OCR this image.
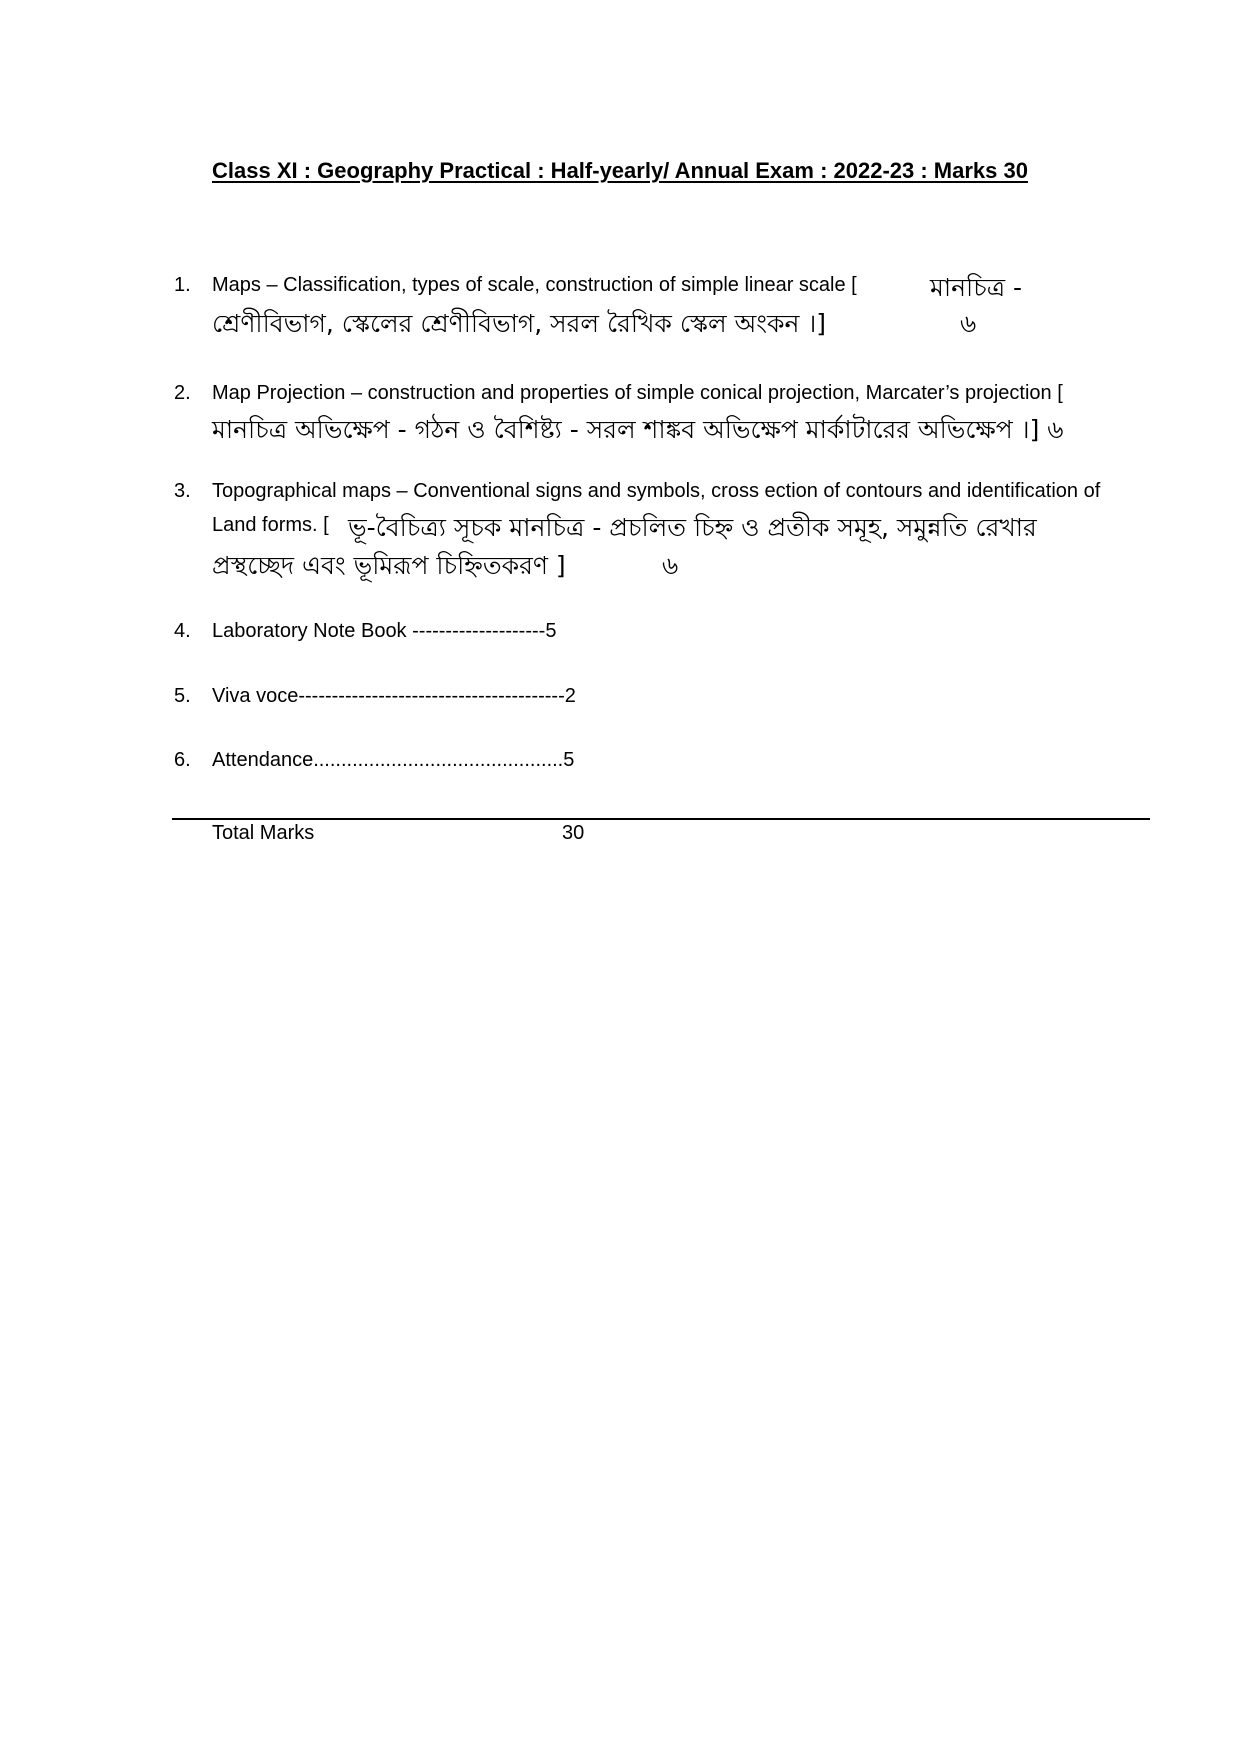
Class XI : Geography Practical : Half-yearly/ Annual Exam : 2022-23 : Marks 30
1.	Maps – Classification, types of scale, construction of simple linear scale [	মানচিত্র -
শ্রেণীবিভাগ, স্কেলের শ্রেণীবিভাগ, সরল রৈখিক স্কেল অংকন ।]	৬
2.	Map Projection – construction and properties of simple conical projection, Marcater’s projection [
মানচিত্র অভিক্ষেপ - গঠন ও বৈশিষ্ট্য - সরল শাঙ্কব অভিক্ষেপ মার্কাটারের অভিক্ষেপ ।] ৬
3.	Topographical maps – Conventional signs and symbols, cross ection of contours and identification of
Land forms. [ ভূ-বৈচিত্র্য সূচক মানচিত্র - প্রচলিত চিহ্ন ও প্রতীক সমূহ, সমুন্নতি রেখার
প্রস্থচ্ছেদ এবং ভূমিরূপ চিহ্নিতকরণ ]	৬
4.	Laboratory Note Book --------------------5
5.	Viva voce----------------------------------------2
6.	Attendance.............................................5
Total Marks	30
